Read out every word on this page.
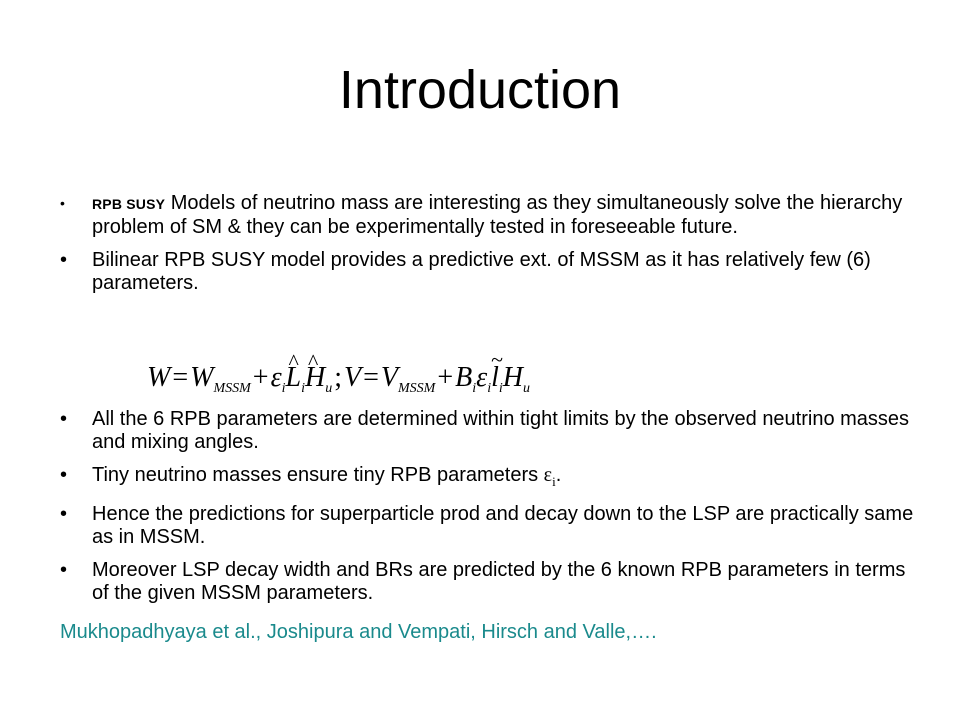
Introduction
• RPB SUSY Models of neutrino mass are interesting as they simultaneously solve the hierarchy problem of SM & they can be experimentally tested in foreseeable future.
• Bilinear RPB SUSY model provides a predictive ext. of MSSM as it has relatively few (6) parameters.
$W=W_{MSSM}+\varepsilon_iL$ $\^{}_iH$ $\^{}_u;V=V_{MSSM}+B_i\varepsilon_il$ $\sim_iH_u$
• All the 6 RPB parameters are determined within tight limits by the observed neutrino masses and mixing angles.
• Tiny neutrino masses ensure tiny RPB parameters $\varepsilon_i$.
• Hence the predictions for superparticle prod and decay down to the LSP are practically same as in MSSM.
• Moreover LSP decay width and BRs are predicted by the 6 known RPB parameters in terms of the given MSSM parameters.
Mukhopadhyaya et al., Joshipura and Vempati, Hirsch and Valle,….
